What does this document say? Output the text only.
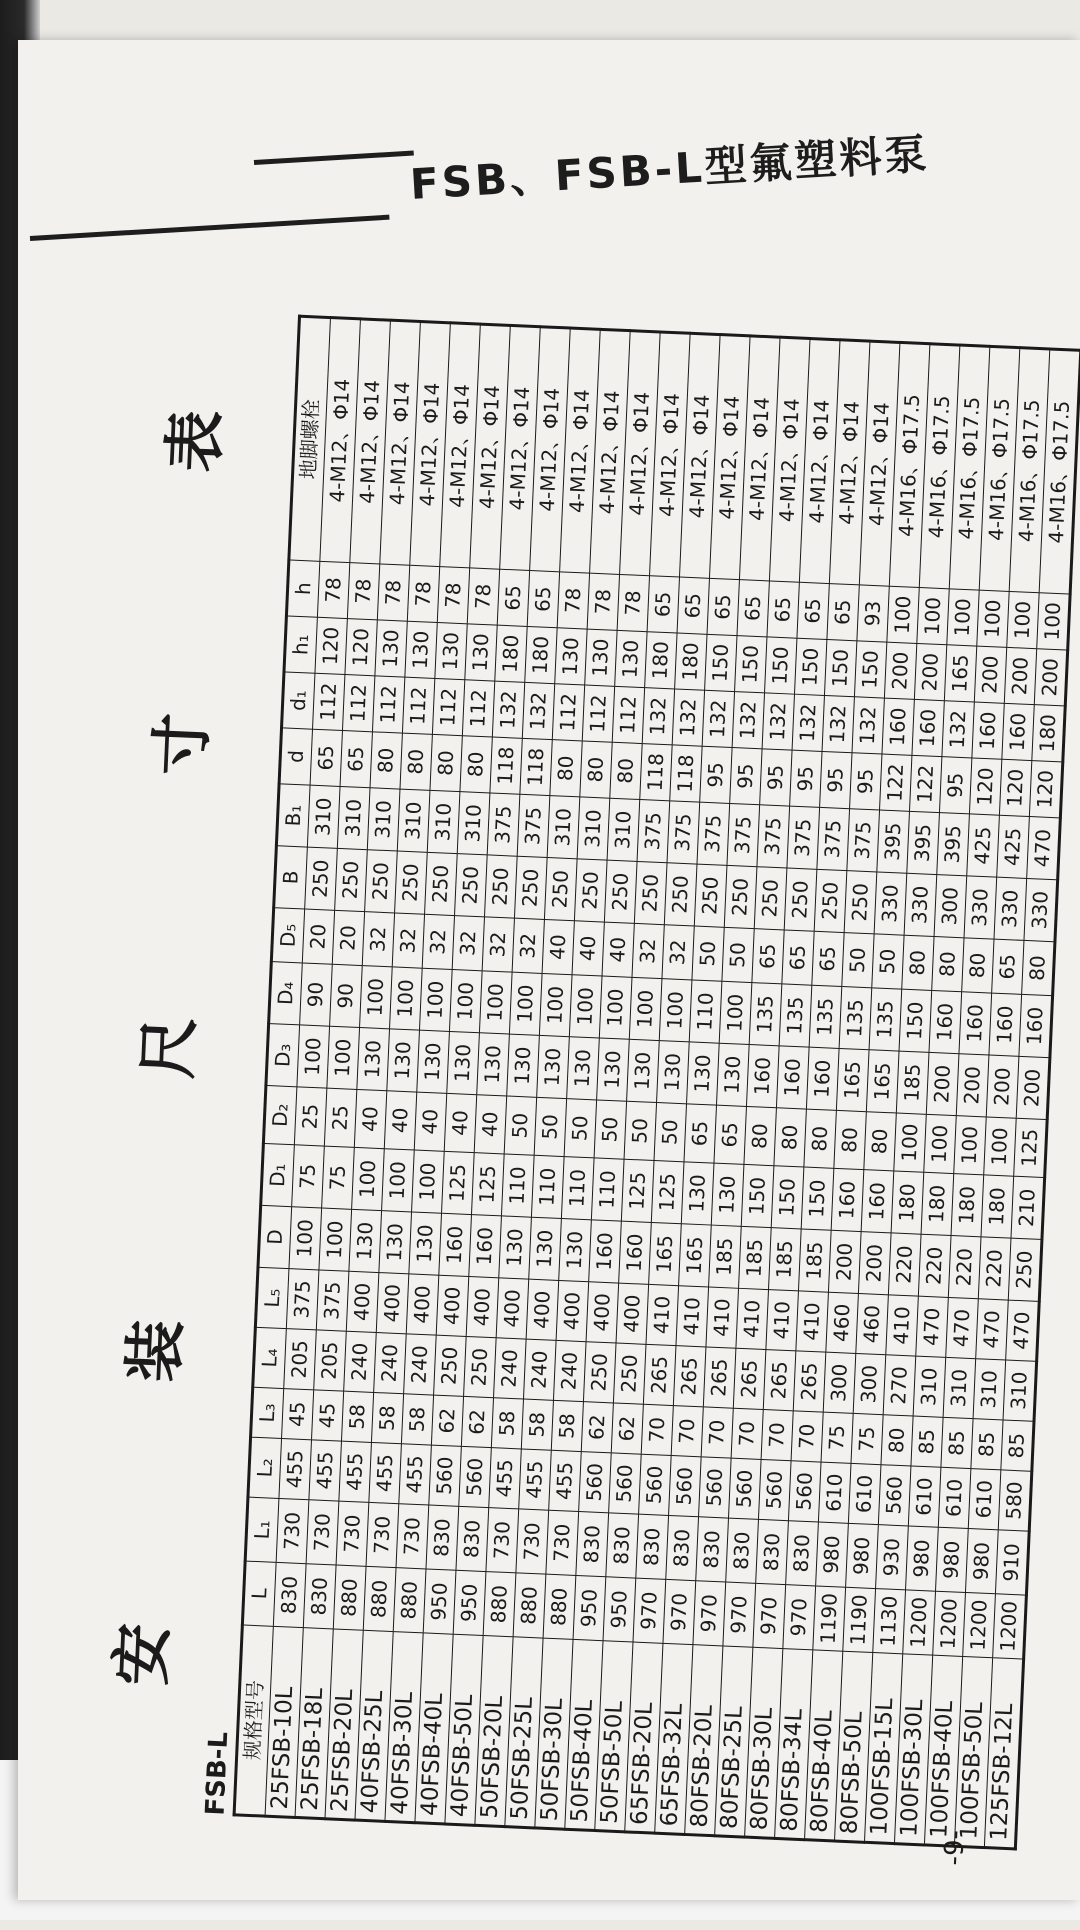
FSB、FSB-L型氟塑料泵
安 装 尺 寸 表
FSB-L
规格型号	L	L₁	L₂	L₃	L₄	L₅	D	D₁	D₂	D₃	D₄	D₅	B	B₁	d	d₁	h₁	h	地脚螺栓
25FSB-10L	830	730	455	45	205	375	100	75	25	100	90	20	250	310	65	112	120	78	4-M12、Φ14
25FSB-18L	830	730	455	45	205	375	100	75	25	100	90	20	250	310	65	112	120	78	4-M12、Φ14
25FSB-20L	880	730	455	58	240	400	130	100	40	130	100	32	250	310	80	112	130	78	4-M12、Φ14
40FSB-25L	880	730	455	58	240	400	130	100	40	130	100	32	250	310	80	112	130	78	4-M12、Φ14
40FSB-30L	880	730	455	58	240	400	130	100	40	130	100	32	250	310	80	112	130	78	4-M12、Φ14
40FSB-40L	950	830	560	62	250	400	160	125	40	130	100	32	250	310	80	112	130	78	4-M12、Φ14
40FSB-50L	950	830	560	62	250	400	160	125	40	130	100	32	250	375	118	132	180	65	4-M12、Φ14
50FSB-20L	880	730	455	58	240	400	130	110	50	130	100	32	250	375	118	132	180	65	4-M12、Φ14
50FSB-25L	880	730	455	58	240	400	130	110	50	130	100	40	250	310	80	112	130	78	4-M12、Φ14
50FSB-30L	880	730	455	58	240	400	130	110	50	130	100	40	250	310	80	112	130	78	4-M12、Φ14
50FSB-40L	950	830	560	62	250	400	160	110	50	130	100	40	250	310	80	112	130	78	4-M12、Φ14
50FSB-50L	950	830	560	62	250	400	160	125	50	130	100	32	250	375	118	132	180	65	4-M12、Φ14
65FSB-20L	970	830	560	70	265	410	165	125	50	130	100	32	250	375	118	132	180	65	4-M12、Φ14
65FSB-32L	970	830	560	70	265	410	165	130	65	130	110	50	250	375	95	132	150	65	4-M12、Φ14
80FSB-20L	970	830	560	70	265	410	185	130	65	130	100	50	250	375	95	132	150	65	4-M12、Φ14
80FSB-25L	970	830	560	70	265	410	185	150	80	160	135	65	250	375	95	132	150	65	4-M12、Φ14
80FSB-30L	970	830	560	70	265	410	185	150	80	160	135	65	250	375	95	132	150	65	4-M12、Φ14
80FSB-34L	970	830	560	70	265	410	185	150	80	160	135	65	250	375	95	132	150	65	4-M12、Φ14
80FSB-40L	1190	980	610	75	300	460	200	160	80	165	135	50	250	375	95	132	150	93	4-M12、Φ14
80FSB-50L	1190	980	610	75	300	460	200	160	80	165	135	50	330	395	122	160	200	100	4-M16、Φ17.5
100FSB-15L	1130	930	560	80	270	410	220	180	100	185	150	80	330	395	122	160	200	100	4-M16、Φ17.5
100FSB-30L	1200	980	610	85	310	470	220	180	100	200	160	80	300	395	95	132	165	100	4-M16、Φ17.5
100FSB-40L	1200	980	610	85	310	470	220	180	100	200	160	80	330	425	120	160	200	100	4-M16、Φ17.5
100FSB-50L	1200	980	610	85	310	470	220	180	100	200	160	65	330	425	120	160	200	100	4-M16、Φ17.5
125FSB-12L	1200	910	580	85	310	470	250	210	125	200	160	80	330	470	120	180	200	100	4-M16、Φ17.5
-9-
